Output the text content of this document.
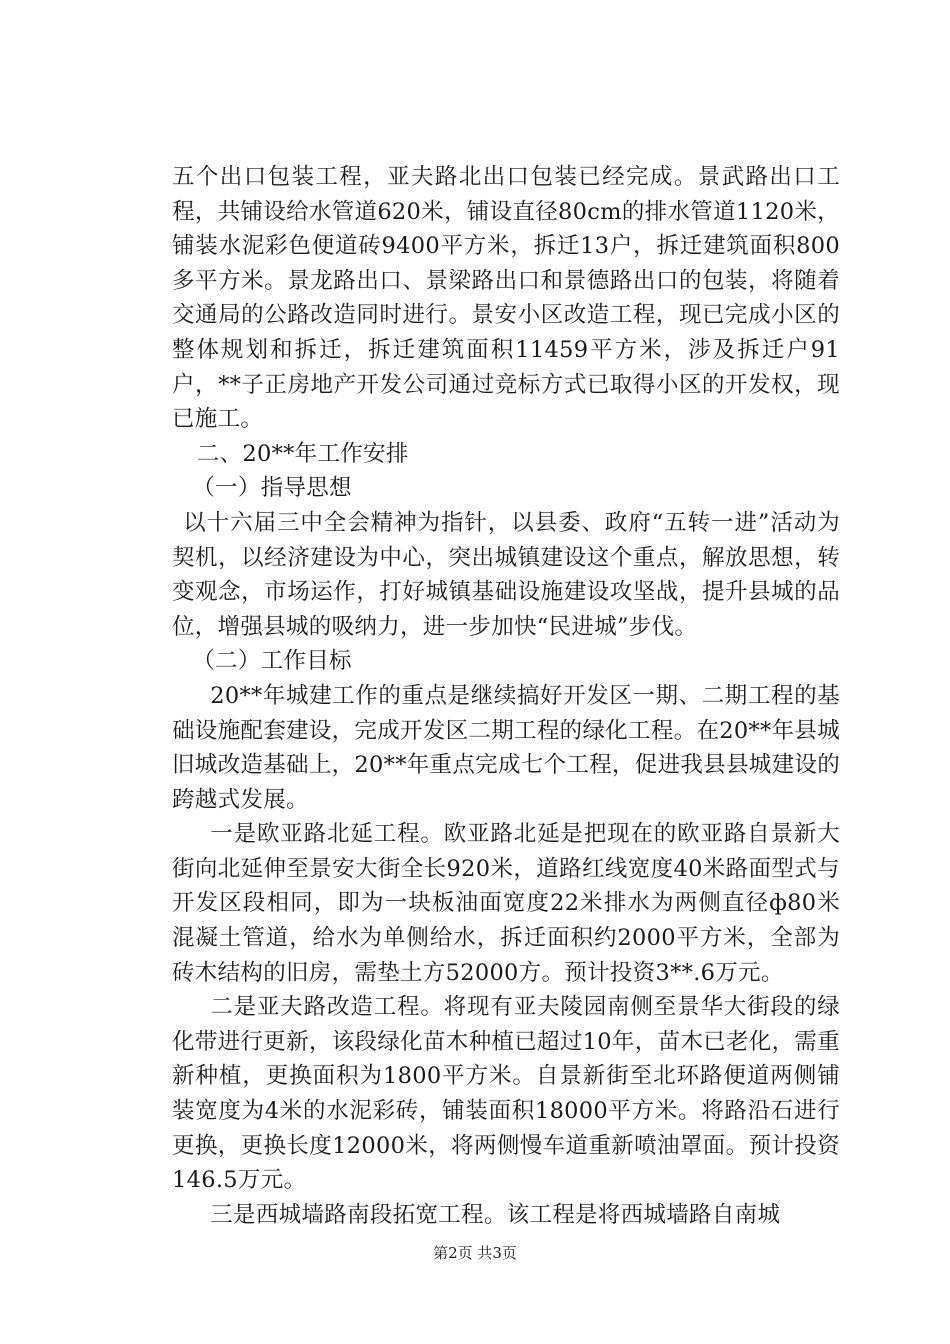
五个出口包装工程，亚夫路北出口包装已经完成。景武路出口工程，共铺设给水管道620米，铺设直径80cm的排水管道1120米，铺装水泥彩色便道砖9400平方米，拆迁13户，拆迁建筑面积800多平方米。景龙路出口、景梁路出口和景德路出口的包装，将随着交通局的公路改造同时进行。景安小区改造工程，现已完成小区的整体规划和拆迁，拆迁建筑面积11459平方米，涉及拆迁户91户，**子正房地产开发公司通过竞标方式已取得小区的开发权，现已施工。

二、20**年工作安排

（一）指导思想

以十六届三中全会精神为指针，以县委、政府“五转一进”活动为契机，以经济建设为中心，突出城镇建设这个重点，解放思想，转变观念，市场运作，打好城镇基础设施建设攻坚战，提升县城的品位，增强县城的吸纳力，进一步加快“民进城”步伐。

（二）工作目标

20**年城建工作的重点是继续搞好开发区一期、二期工程的基础设施配套建设，完成开发区二期工程的绿化工程。在20**年县城旧城改造基础上，20**年重点完成七个工程，促进我县县城建设的跨越式发展。

一是欧亚路北延工程。欧亚路北延是把现在的欧亚路自景新大街向北延伸至景安大街全长920米，道路红线宽度40米路面型式与开发区段相同，即为一块板油面宽度22米排水为两侧直径ф80米混凝土管道，给水为单侧给水，拆迁面积约2000平方米，全部为砖木结构的旧房，需垫土方52000方。预计投资3**.6万元。

二是亚夫路改造工程。将现有亚夫陵园南侧至景华大街段的绿化带进行更新，该段绿化苗木种植已超过10年，苗木已老化，需重新种植，更换面积为1800平方米。自景新街至北环路便道两侧铺装宽度为4米的水泥彩砖，铺装面积18000平方米。将路沿石进行更换，更换长度12000米，将两侧慢车道重新喷油罩面。预计投资146.5万元。

三是西城墙路南段拓宽工程。该工程是将西城墙路自南城

第2页 共3页
